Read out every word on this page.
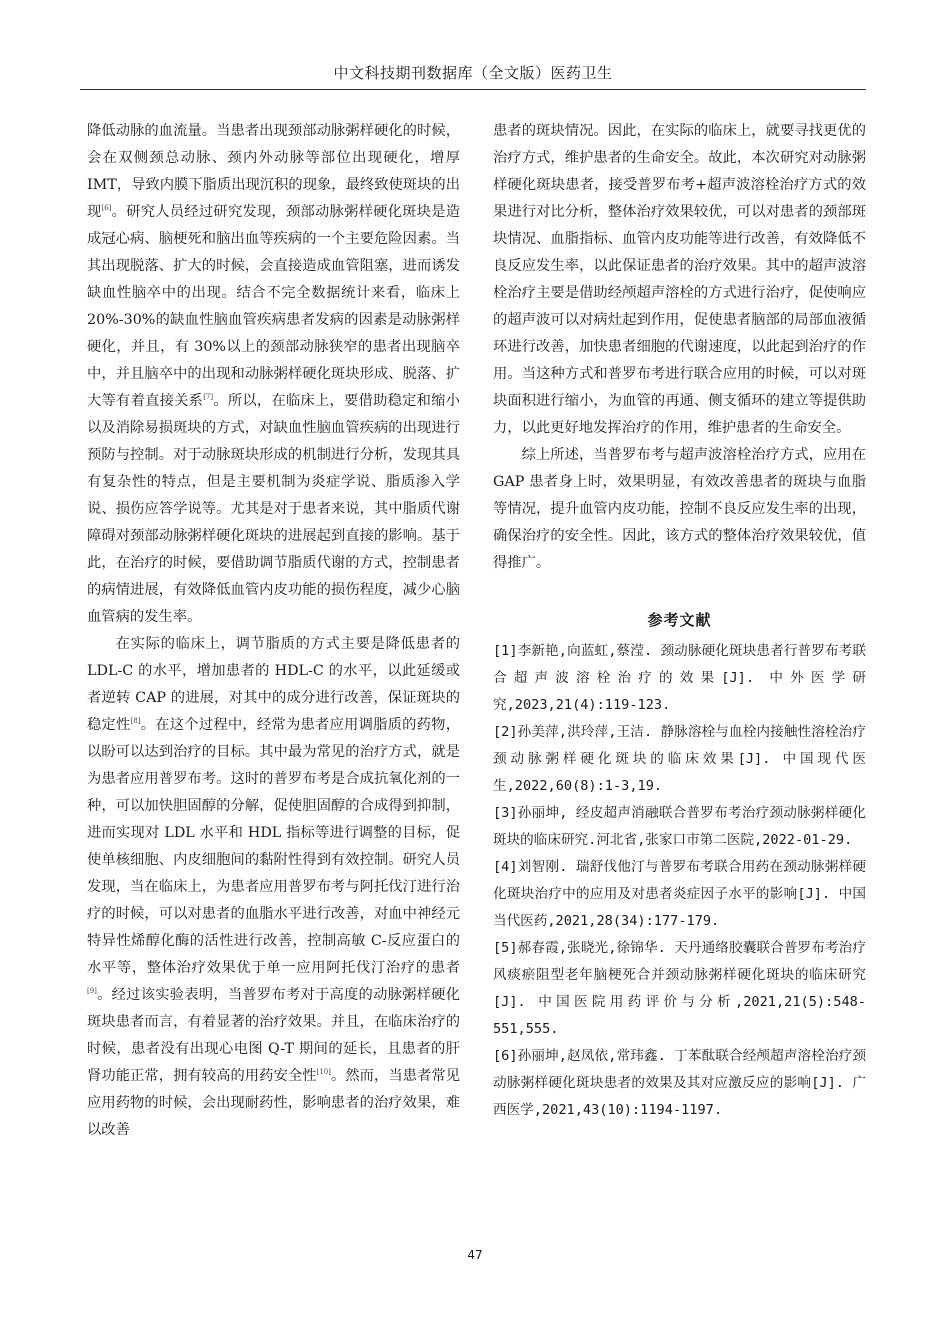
中文科技期刊数据库（全文版）医药卫生

降低动脉的血流量。当患者出现颈部动脉粥样硬化的时候，会在双侧颈总动脉、颈内外动脉等部位出现硬化，增厚 IMT，导致内膜下脂质出现沉积的现象，最终致使斑块的出现[6]。研究人员经过研究发现，颈部动脉粥样硬化斑块是造成冠心病、脑梗死和脑出血等疾病的一个主要危险因素。当其出现脱落、扩大的时候，会直接造成血管阻塞，进而诱发缺血性脑卒中的出现。结合不完全数据统计来看，临床上 20%-30%的缺血性脑血管疾病患者发病的因素是动脉粥样硬化，并且，有 30%以上的颈部动脉狭窄的患者出现脑卒中，并且脑卒中的出现和动脉粥样硬化斑块形成、脱落、扩大等有着直接关系[7]。所以，在临床上，要借助稳定和缩小以及消除易损斑块的方式，对缺血性脑血管疾病的出现进行预防与控制。对于动脉斑块形成的机制进行分析，发现其具有复杂性的特点，但是主要机制为炎症学说、脂质渗入学说、损伤应答学说等。尤其是对于患者来说，其中脂质代谢障碍对颈部动脉粥样硬化斑块的进展起到直接的影响。基于此，在治疗的时候，要借助调节脂质代谢的方式，控制患者的病情进展，有效降低血管内皮功能的损伤程度，减少心脑血管病的发生率。

在实际的临床上，调节脂质的方式主要是降低患者的 LDL-C 的水平，增加患者的 HDL-C 的水平，以此延缓或者逆转 CAP 的进展，对其中的成分进行改善，保证斑块的稳定性[8]。在这个过程中，经常为患者应用调脂质的药物，以盼可以达到治疗的目标。其中最为常见的治疗方式，就是为患者应用普罗布考。这时的普罗布考是合成抗氧化剂的一种，可以加快胆固醇的分解，促使胆固醇的合成得到抑制，进而实现对 LDL 水平和 HDL 指标等进行调整的目标，促使单核细胞、内皮细胞间的黏附性得到有效控制。研究人员发现，当在临床上，为患者应用普罗布考与阿托伐汀进行治疗的时候，可以对患者的血脂水平进行改善，对血中神经元特异性烯醇化酶的活性进行改善，控制高敏 C-反应蛋白的水平等，整体治疗效果优于单一应用阿托伐汀治疗的患者[9]。经过该实验表明，当普罗布考对于高度的动脉粥样硬化斑块患者而言，有着显著的治疗效果。并且，在临床治疗的时候，患者没有出现心电图 Q-T 期间的延长，且患者的肝肾功能正常，拥有较高的用药安全性[10]。然而，当患者常见应用药物的时候，会出现耐药性，影响患者的治疗效果，难以改善

患者的斑块情况。因此，在实际的临床上，就要寻找更优的治疗方式，维护患者的生命安全。故此，本次研究对动脉粥样硬化斑块患者，接受普罗布考+超声波溶栓治疗方式的效果进行对比分析，整体治疗效果较优，可以对患者的颈部斑块情况、血脂指标、血管内皮功能等进行改善，有效降低不良反应发生率，以此保证患者的治疗效果。其中的超声波溶栓治疗主要是借助经颅超声溶栓的方式进行治疗，促使响应的超声波可以对病灶起到作用，促使患者脑部的局部血液循环进行改善，加快患者细胞的代谢速度，以此起到治疗的作用。当这种方式和普罗布考进行联合应用的时候，可以对斑块面积进行缩小，为血管的再通、侧支循环的建立等提供助力，以此更好地发挥治疗的作用，维护患者的生命安全。

综上所述，当普罗布考与超声波溶栓治疗方式，应用在 GAP 患者身上时，效果明显，有效改善患者的斑块与血脂等情况，提升血管内皮功能，控制不良反应发生率的出现，确保治疗的安全性。因此，该方式的整体治疗效果较优，值得推广。

参考文献
[1]李新艳,向蓝虹,蔡滢. 颈动脉硬化斑块患者行普罗布考联合超声波溶栓治疗的效果[J]. 中外医学研究,2023,21(4):119-123.
[2]孙美萍,洪玲萍,王洁. 静脉溶栓与血栓内接触性溶栓治疗颈动脉粥样硬化斑块的临床效果[J]. 中国现代医生,2022,60(8):1-3,19.
[3]孙丽坤, 经皮超声消融联合普罗布考治疗颈动脉粥样硬化斑块的临床研究.河北省,张家口市第二医院,2022-01-29.
[4]刘智刚. 瑞舒伐他汀与普罗布考联合用药在颈动脉粥样硬化斑块治疗中的应用及对患者炎症因子水平的影响[J]. 中国当代医药,2021,28(34):177-179.
[5]郝春霞,张晓光,徐锦华. 天丹通络胶囊联合普罗布考治疗风痰瘀阻型老年脑梗死合并颈动脉粥样硬化斑块的临床研究[J]. 中国医院用药评价与分析,2021,21(5):548-551,555.
[6]孙丽坤,赵凤依,常玮鑫. 丁苯酞联合经颅超声溶栓治疗颈动脉粥样硬化斑块患者的效果及其对应激反应的影响[J]. 广西医学,2021,43(10):1194-1197.
47
